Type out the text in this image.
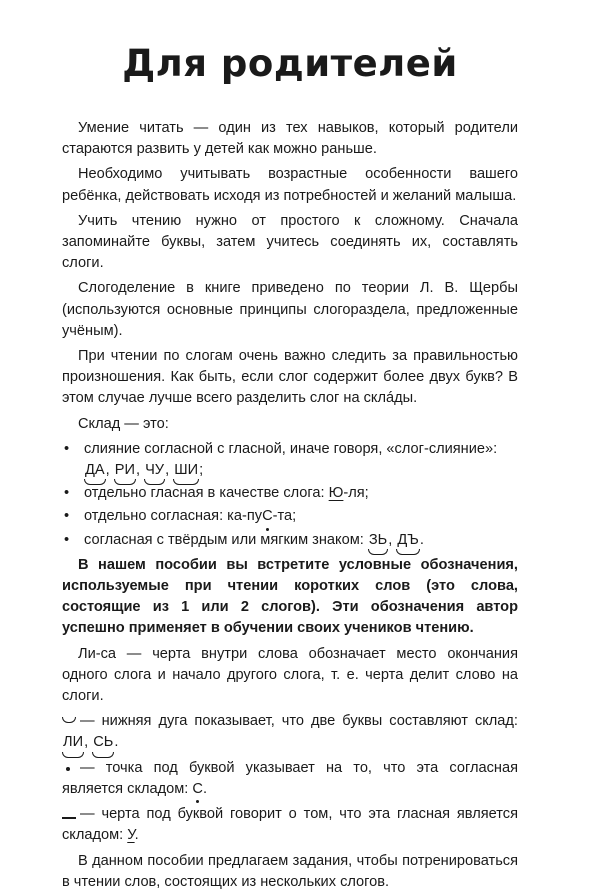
Для родителей

Умение читать — один из тех навыков, который родители стараются развить у детей как можно раньше.

Необходимо учитывать возрастные особенности вашего ребёнка, действовать исходя из потребностей и желаний малыша.

Учить чтению нужно от простого к сложному. Сначала запоминайте буквы, затем учитесь соединять их, составлять слоги.

Слогоделение в книге приведено по теории Л. В. Щербы (используются основные принципы слогораздела, предложенные учёным).

При чтении по слогам очень важно следить за правильностью произношения. Как быть, если слог содержит более двух букв? В этом случае лучше всего разделить слог на склáды.

Склад — это:

• слияние согласной с гласной, иначе говоря, «слог-слияние»: ДА, РИ, ЧУ, ШИ;
• отдельно гласная в качестве слога: Ю-ля;
• отдельно согласная: ка-пуС-та;
• согласная с твёрдым или мягким знаком: ЗЬ, ДЪ.

В нашем пособии вы встретите условные обозначения, используемые при чтении коротких слов (это слова, состоящие из 1 или 2 слогов). Эти обозначения автор успешно применяет в обучении своих учеников чтению.

Ли-са — черта внутри слова обозначает место окончания одного слога и начало другого слога, т. е. черта делит слово на слоги.

— нижняя дуга показывает, что две буквы составляют склад: ЛИ, СЬ.

— точка под буквой указывает на то, что эта согласная является складом: С.

— черта под буквой говорит о том, что эта гласная является складом: У.

В данном пособии предлагаем задания, чтобы потренироваться в чтении слов, состоящих из нескольких слогов.
